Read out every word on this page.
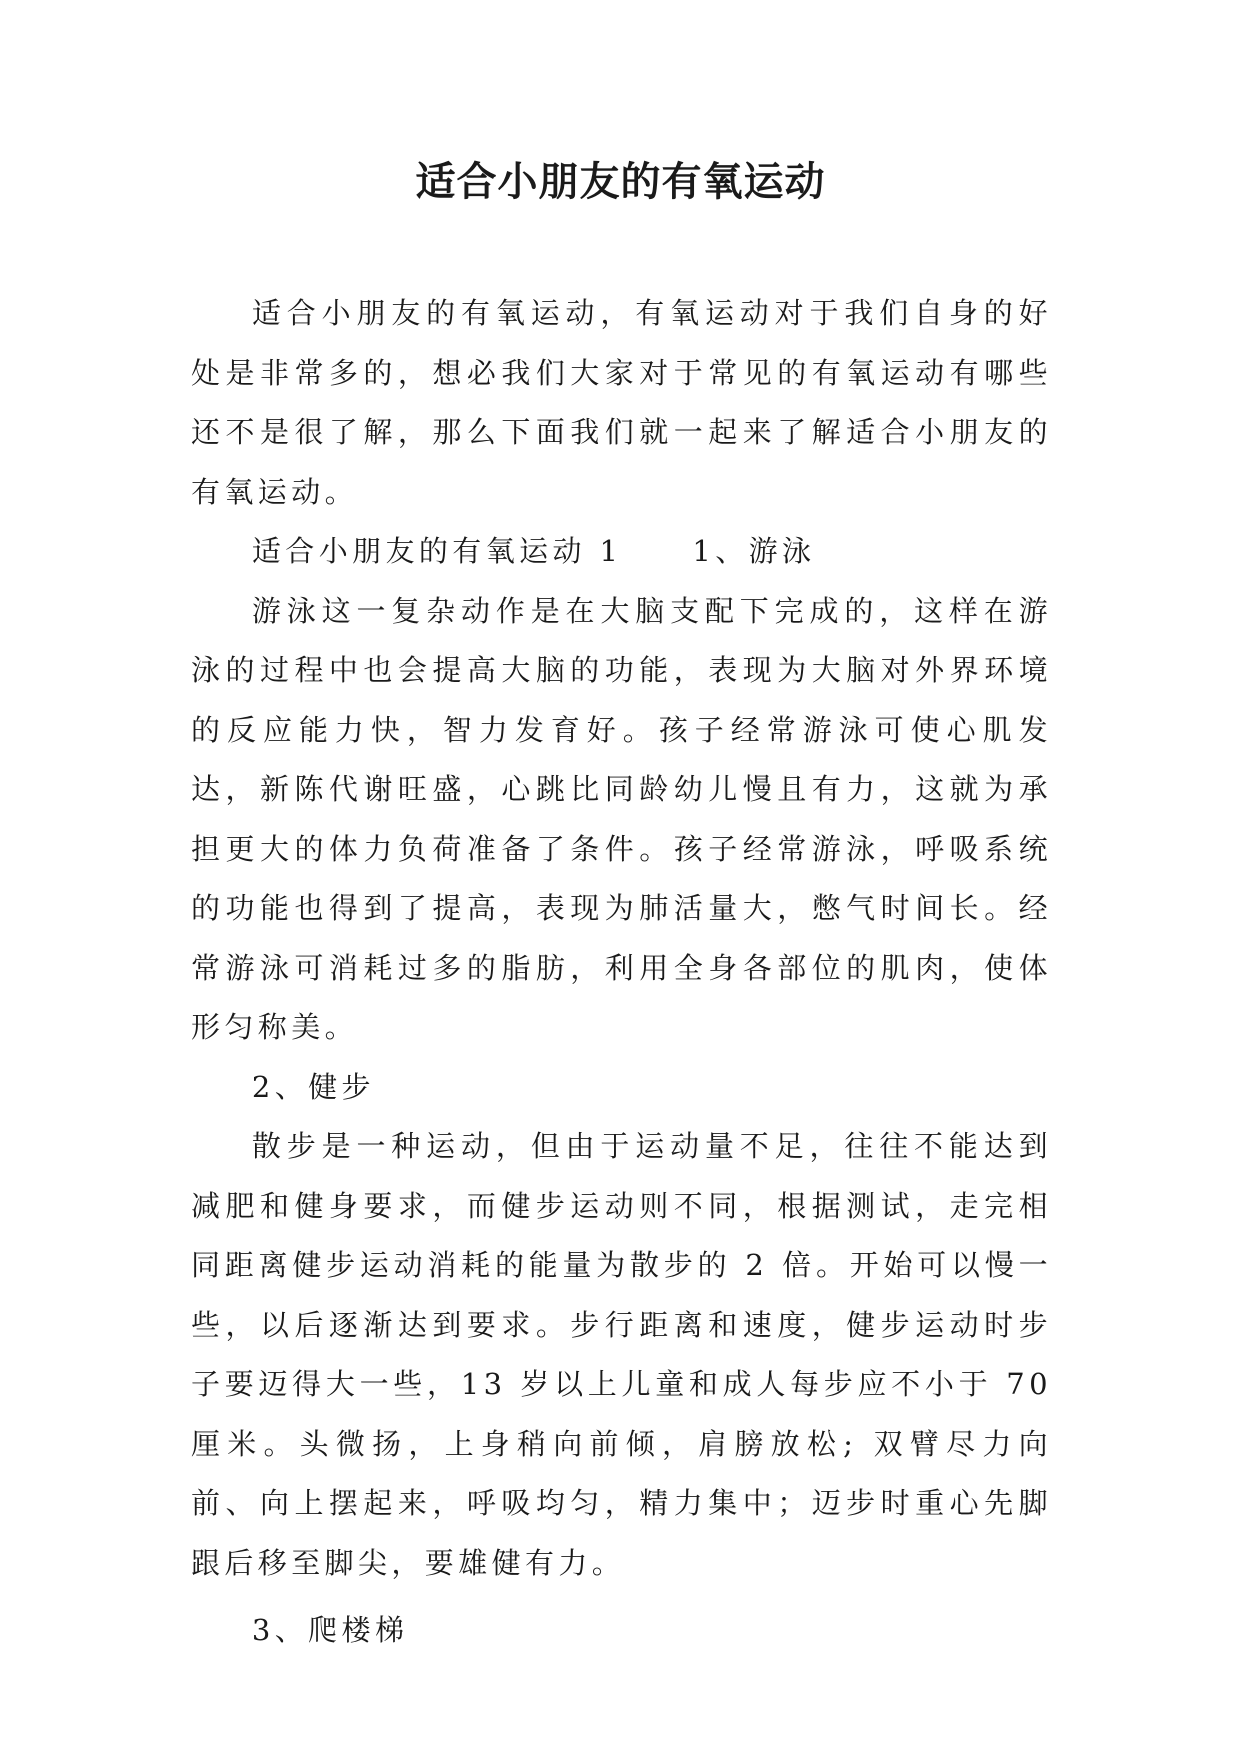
适合小朋友的有氧运动

适合小朋友的有氧运动，有氧运动对于我们自身的好处是非常多的，想必我们大家对于常见的有氧运动有哪些还不是很了解，那么下面我们就一起来了解适合小朋友的有氧运动。

适合小朋友的有氧运动 1 1、游泳

游泳这一复杂动作是在大脑支配下完成的，这样在游泳的过程中也会提高大脑的功能，表现为大脑对外界环境的反应能力快，智力发育好。孩子经常游泳可使心肌发达，新陈代谢旺盛，心跳比同龄幼儿慢且有力，这就为承担更大的体力负荷准备了条件。孩子经常游泳，呼吸系统的功能也得到了提高，表现为肺活量大，憋气时间长。经常游泳可消耗过多的脂肪，利用全身各部位的肌肉，使体形匀称美。

2、健步

散步是一种运动，但由于运动量不足，往往不能达到减肥和健身要求，而健步运动则不同，根据测试，走完相同距离健步运动消耗的能量为散步的 2 倍。开始可以慢一些，以后逐渐达到要求。步行距离和速度，健步运动时步子要迈得大一些，13 岁以上儿童和成人每步应不小于 70 厘米。头微扬，上身稍向前倾，肩膀放松; 双臂尽力向前、向上摆起来，呼吸均匀，精力集中；迈步时重心先脚跟后移至脚尖，要雄健有力。

3、爬楼梯
